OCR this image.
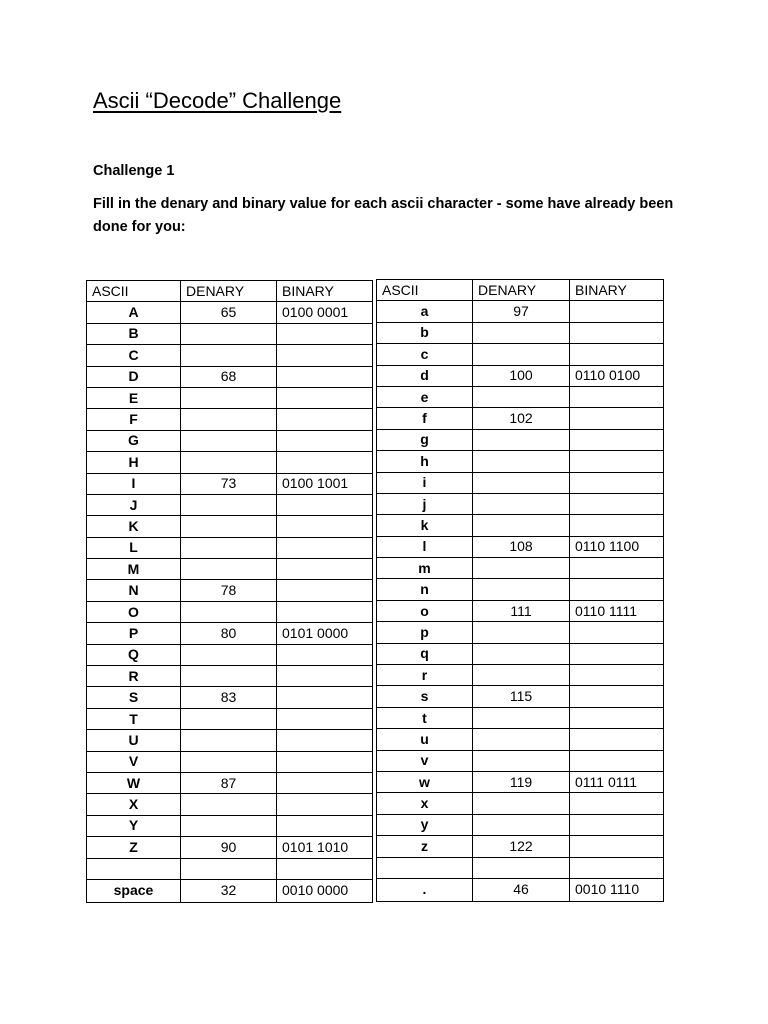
Ascii “Decode” Challenge
Challenge 1
Fill in the denary and binary value for each ascii character - some have already been done for you:
ASCII	DENARY	BINARY
A	65	0100 0001
B		
C		
D	68	
E		
F		
G		
H		
I	73	0100 1001
J		
K		
L		
M		
N	78	
O		
P	80	0101 0000
Q		
R		
S	83	
T		
U		
V		
W	87	
X		
Y		
Z	90	0101 1010

space	32	0010 0000
ASCII	DENARY	BINARY
a	97	
b		
c		
d	100	0110 0100
e		
f	102	
g		
h		
i		
j		
k		
l	108	0110 1100
m		
n		
o	111	0110 1111
p		
q		
r		
s	115	
t		
u		
v		
w	119	0111 0111
x		
y		
z	122	

.	46	0010 1110
